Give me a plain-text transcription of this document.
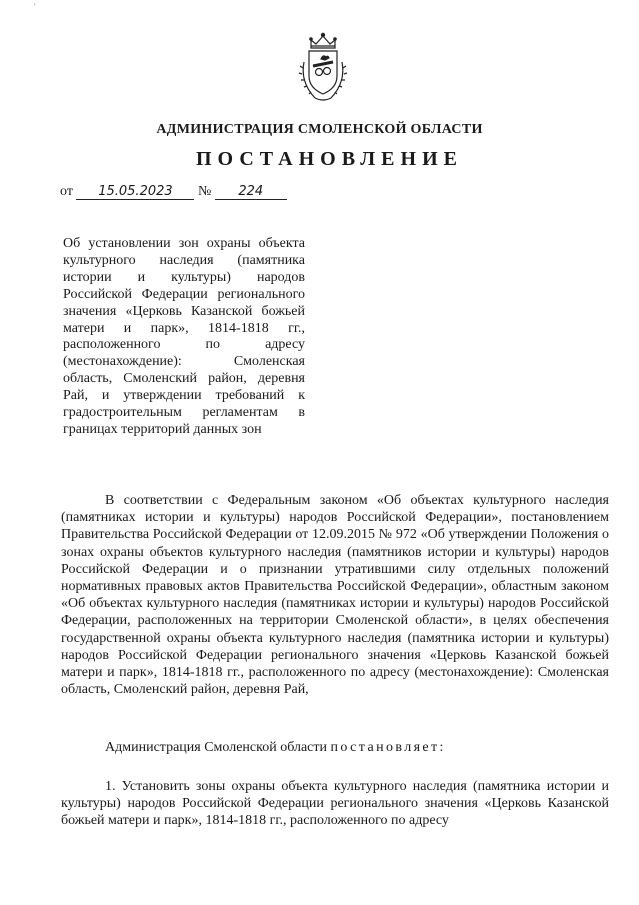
'
АДМИНИСТРАЦИЯ СМОЛЕНСКОЙ ОБЛАСТИ
ПОСТАНОВЛЕНИЕ
от 15.05.2023 № 224
Об установлении зон охраны объекта культурного наследия (памятника истории и культуры) народов Российской Федерации регионального значения «Церковь Казанской божьей матери и парк», 1814-1818 гг., расположенного по адресу (местонахождение): Смоленская область, Смоленский район, деревня Рай, и утверждении требований к градостроительным регламентам в границах территорий данных зон
В соответствии с Федеральным законом «Об объектах культурного наследия (памятниках истории и культуры) народов Российской Федерации», постановлением Правительства Российской Федерации от 12.09.2015 № 972 «Об утверждении Положения о зонах охраны объектов культурного наследия (памятников истории и культуры) народов Российской Федерации и о признании утратившими силу отдельных положений нормативных правовых актов Правительства Российской Федерации», областным законом «Об объектах культурного наследия (памятниках истории и культуры) народов Российской Федерации, расположенных на территории Смоленской области», в целях обеспечения государственной охраны объекта культурного наследия (памятника истории и культуры) народов Российской Федерации регионального значения «Церковь Казанской божьей матери и парк», 1814-1818 гг., расположенного по адресу (местонахождение): Смоленская область, Смоленский район, деревня Рай,
Администрация Смоленской области постановляет:
1. Установить зоны охраны объекта культурного наследия (памятника истории и культуры) народов Российской Федерации регионального значения «Церковь Казанской божьей матери и парк», 1814-1818 гг., расположенного по адресу
